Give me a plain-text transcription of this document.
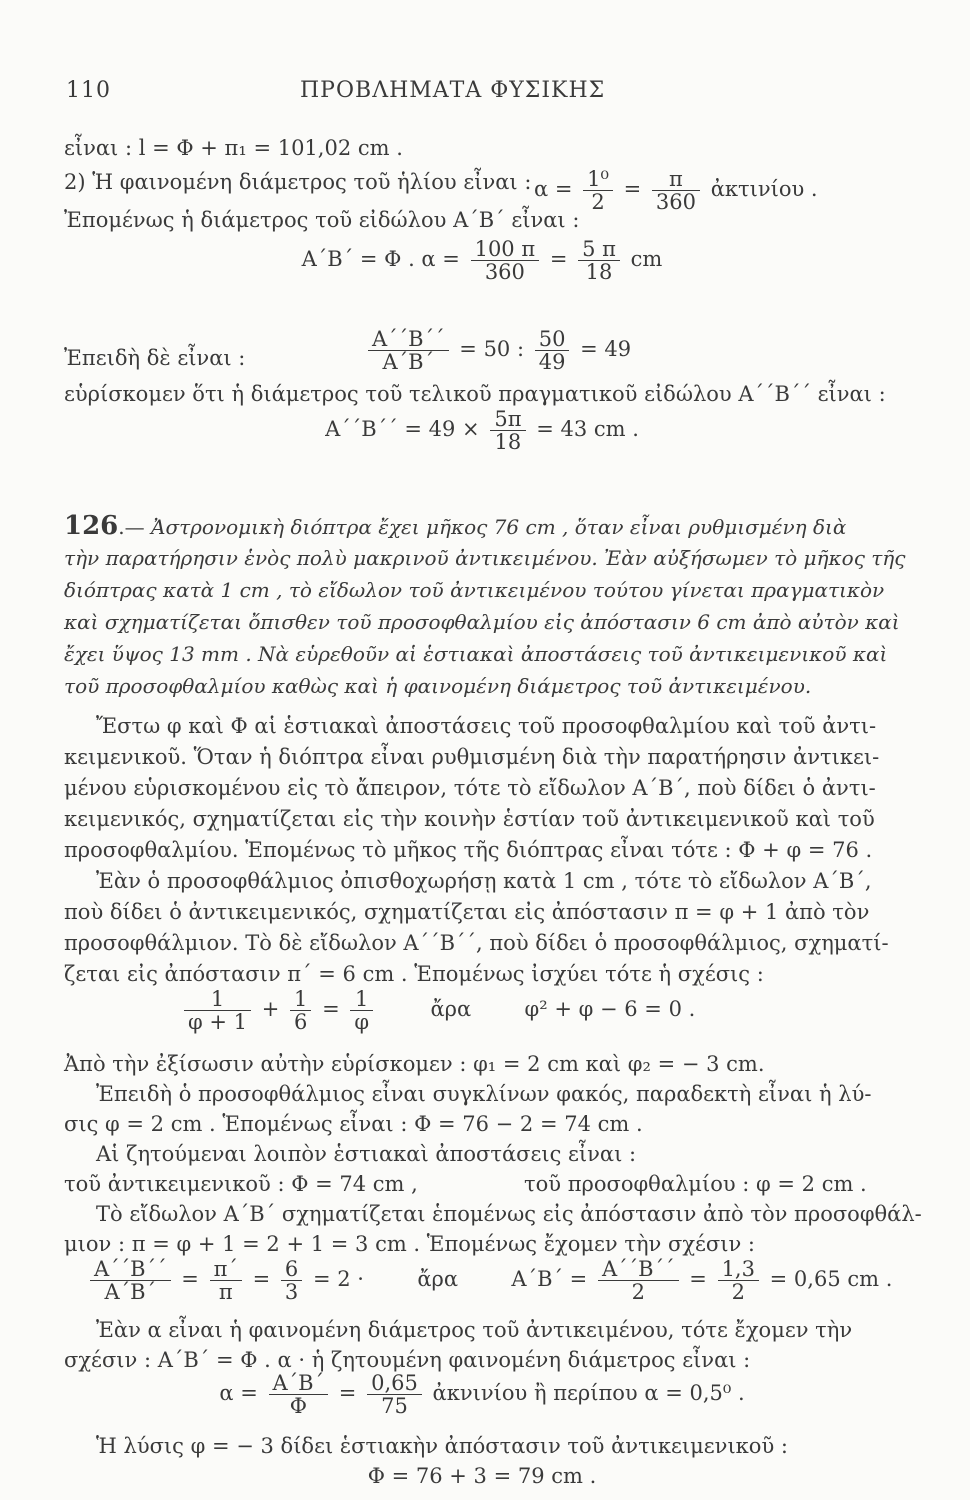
110	ΠΡΟΒΛΗΜΑΤΑ ΦΥΣΙΚΗΣ
εἶναι : l = Φ + π₁ = 101,02 cm .
2) Ἡ φαινομένη διάμετρος τοῦ ἡλίου εἶναι : $\alpha = \frac{\text{1⁰}}{2} = \frac{\pi}{360}$ ἀκτινίου .
Ἐπομένως ἡ διάμετρος τοῦ εἰδώλου Α΄Β΄ εἶναι :
Α΄Β΄ = Φ . $\alpha = \frac{100 \pi}{360} = \frac{5 \pi}{18}$ cm
Ἐπειδὴ δὲ εἶναι :	$\frac{A΄΄B΄΄}{A΄B΄} = 50$ : $\frac{50}{49} = 49$
εὑρίσκομεν ὅτι ἡ διάμετρος τοῦ τελικοῦ πραγματικοῦ εἰδώλου Α΄΄Β΄΄ εἶναι :
$A΄΄B΄΄ = 49 \times \frac{5\pi}{18} = 43$ cm .
126.— Ἀστρονομικὴ διόπτρα ἔχει μῆκος 76 cm , ὅταν εἶναι ρυθμισμένη διὰ
τὴν παρατήρησιν ἑνὸς πολὺ μακρινοῦ ἀντικειμένου. Ἐὰν αὐξήσωμεν τὸ μῆκος τῆς
διόπτρας κατὰ 1 cm , τὸ εἴδωλον τοῦ ἀντικειμένου τούτου γίνεται πραγματικὸν
καὶ σχηματίζεται ὄπισθεν τοῦ προσοφθαλμίου εἰς ἀπόστασιν 6 cm ἀπὸ αὐτὸν καὶ
ἔχει ὕψος 13 mm . Νὰ εὑρεθοῦν αἱ ἑστιακαὶ ἀποστάσεις τοῦ ἀντικειμενικοῦ καὶ
τοῦ προσοφθαλμίου καθὼς καὶ ἡ φαινομένη διάμετρος τοῦ ἀντικειμένου.
Ἔστω φ καὶ Φ αἱ ἑστιακαὶ ἀποστάσεις τοῦ προσοφθαλμίου καὶ τοῦ ἀντι-
κειμενικοῦ. Ὅταν ἡ διόπτρα εἶναι ρυθμισμένη διὰ τὴν παρατήρησιν ἀντικει-
μένου εὑρισκομένου εἰς τὸ ἄπειρον, τότε τὸ εἴδωλον Α΄Β΄, ποὺ δίδει ὁ ἀντι-
κειμενικός, σχηματίζεται εἰς τὴν κοινὴν ἑστίαν τοῦ ἀντικειμενικοῦ καὶ τοῦ
προσοφθαλμίου. Ἑπομένως τὸ μῆκος τῆς διόπτρας εἶναι τότε : Φ + φ = 76 .
Ἐὰν ὁ προσοφθάλμιος ὀπισθοχωρήσῃ κατὰ 1 cm , τότε τὸ εἴδωλον Α΄Β΄,
ποὺ δίδει ὁ ἀντικειμενικός, σχηματίζεται εἰς ἀπόστασιν π = φ + 1 ἀπὸ τὸν
προσοφθάλμιον. Τὸ δὲ εἴδωλον Α΄΄Β΄΄, ποὺ δίδει ὁ προσοφθάλμιος, σχηματί-
ζεται εἰς ἀπόστασιν π΄ = 6 cm . Ἑπομένως ἰσχύει τότε ἡ σχέσις :
$\frac{1}{\varphi + 1} + \frac{1}{6} = \frac{1}{\varphi}$	ἄρα	φ² + φ − 6 = 0 .
Ἀπὸ τὴν ἐξίσωσιν αὐτὴν εὑρίσκομεν : φ₁ = 2 cm καὶ φ₂ = − 3 cm.
Ἐπειδὴ ὁ προσοφθάλμιος εἶναι συγκλίνων φακός, παραδεκτὴ εἶναι ἡ λύ-
σις φ = 2 cm . Ἑπομένως εἶναι : Φ = 76 − 2 = 74 cm .
Αἱ ζητούμεναι λοιπὸν ἑστιακαὶ ἀποστάσεις εἶναι :
τοῦ ἀντικειμενικοῦ : Φ = 74 cm ,	τοῦ προσοφθαλμίου : φ = 2 cm .
Τὸ εἴδωλον Α΄Β΄ σχηματίζεται ἑπομένως εἰς ἀπόστασιν ἀπὸ τὸν προσοφθάλ-
μιον : π = φ + 1 = 2 + 1 = 3 cm . Ἑπομένως ἔχομεν τὴν σχέσιν :
$\frac{A΄΄B΄΄}{A΄B΄} = \frac{\pi΄}{\pi} = \frac{6}{3} = 2$ ·	ἄρα	$A΄B΄ = \frac{A΄΄B΄΄}{2} = \frac{1,3}{2} = 0,65$ cm .
Ἐὰν α εἶναι ἡ φαινομένη διάμετρος τοῦ ἀντικειμένου, τότε ἔχομεν τὴν
σχέσιν : Α΄Β΄ = Φ . α · ἡ ζητουμένη φαινομένη διάμετρος εἶναι :
$\alpha = \frac{A΄B΄}{\Phi} = \frac{0,65}{75}$ ἀκνινίου ἢ περίπου α = 0,5⁰ .
Ἡ λύσις φ = − 3 δίδει ἑστιακὴν ἀπόστασιν τοῦ ἀντικειμενικοῦ :
Φ = 76 + 3 = 79 cm .
